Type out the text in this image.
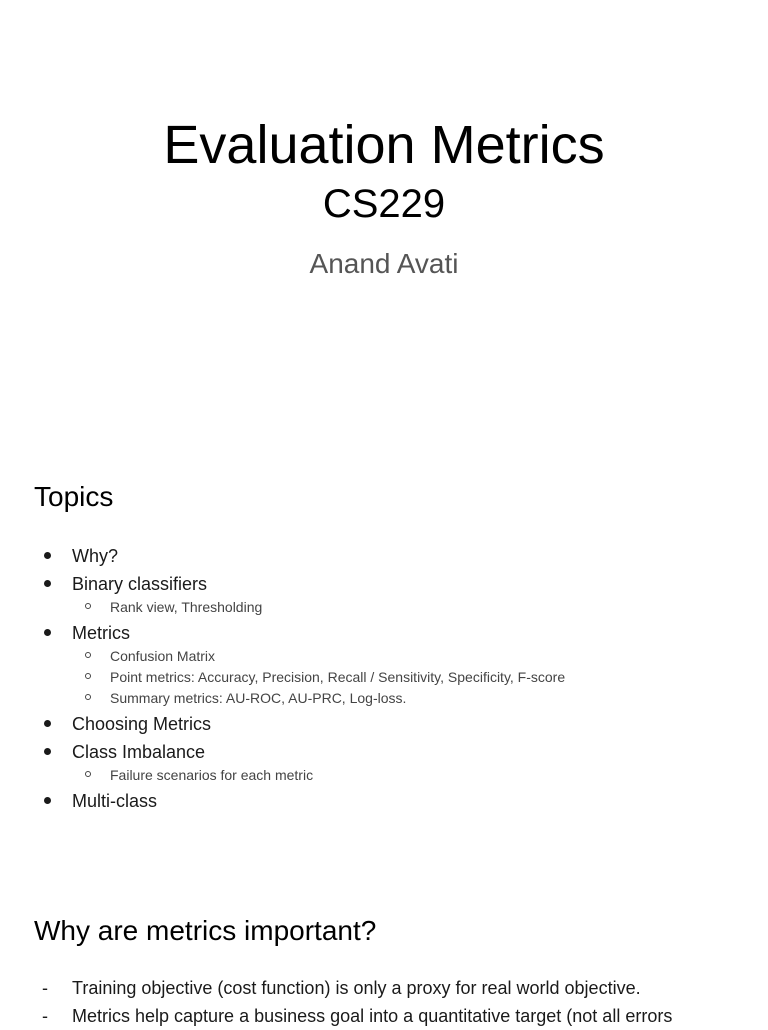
Evaluation Metrics
CS229
Anand Avati
Topics
Why?
Binary classifiers
Rank view, Thresholding
Metrics
Confusion Matrix
Point metrics: Accuracy, Precision, Recall / Sensitivity, Specificity, F-score
Summary metrics: AU-ROC, AU-PRC, Log-loss.
Choosing Metrics
Class Imbalance
Failure scenarios for each metric
Multi-class
Why are metrics important?
- Training objective (cost function) is only a proxy for real world objective.
- Metrics help capture a business goal into a quantitative target (not all errors
